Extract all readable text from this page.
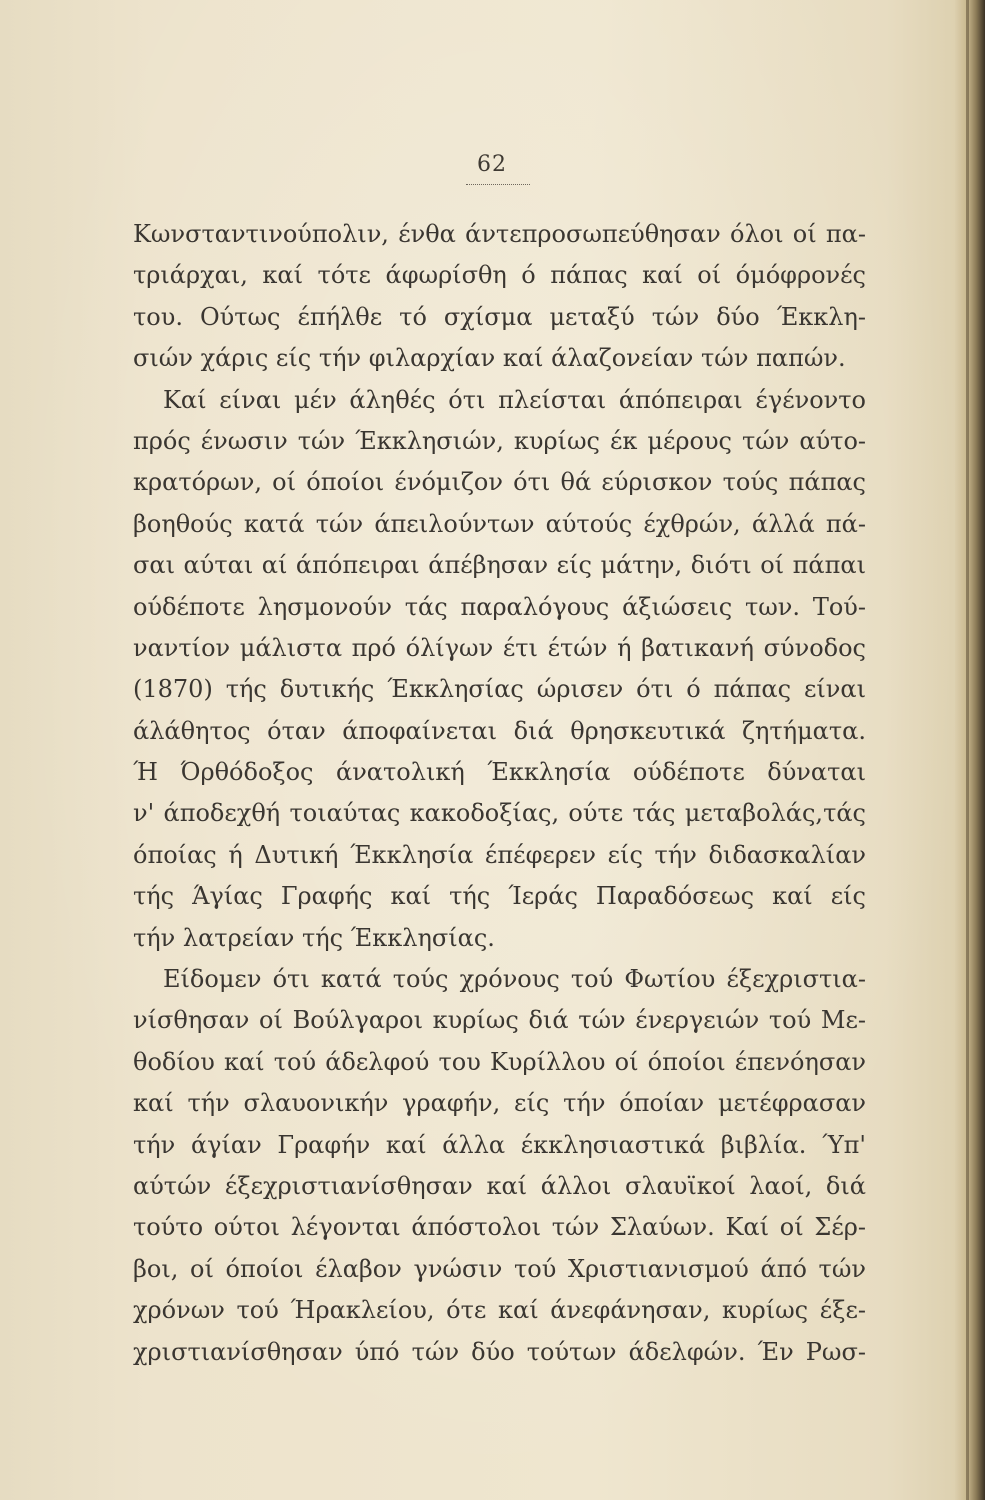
62
Κωνσταντινούπολιν, ένθα άντεπροσωπεύθησαν όλοι οί πα-
τριάρχαι, καί τότε άφωρίσθη ό πάπας καί οί όμόφρονές
του. Ούτως έπήλθε τό σχίσμα μεταξύ τών δύο Έκκλη-
σιών χάρις είς τήν φιλαρχίαν καί άλαζονείαν τών παπών.
Καί είναι μέν άληθές ότι πλείσται άπόπειραι έγένοντο
πρός ένωσιν τών Έκκλησιών, κυρίως έκ μέρους τών αύτο-
κρατόρων, οί όποίοι ένόμιζον ότι θά εύρισκον τούς πάπας
βοηθούς κατά τών άπειλούντων αύτούς έχθρών, άλλά πά-
σαι αύται αί άπόπειραι άπέβησαν είς μάτην, διότι οί πάπαι
ούδέποτε λησμονούν τάς παραλόγους άξιώσεις των. Τού-
ναντίον μάλιστα πρό όλίγων έτι έτών ή βατικανή σύνοδος
(1870) τής δυτικής Έκκλησίας ώρισεν ότι ό πάπας είναι
άλάθητος όταν άποφαίνεται διά θρησκευτικά ζητήματα.
Ή Όρθόδοξος άνατολική Έκκλησία ούδέποτε δύναται
ν' άποδεχθή τοιαύτας κακοδοξίας, ούτε τάς μεταβολάς,τάς
όποίας ή Δυτική Έκκλησία έπέφερεν είς τήν διδασκαλίαν
τής Άγίας Γραφής καί τής Ίεράς Παραδόσεως καί είς
τήν λατρείαν τής Έκκλησίας.
Είδομεν ότι κατά τούς χρόνους τού Φωτίου έξεχριστια-
νίσθησαν οί Βούλγαροι κυρίως διά τών ένεργειών τού Με-
θοδίου καί τού άδελφού του Κυρίλλου οί όποίοι έπενόησαν
καί τήν σλαυονικήν γραφήν, είς τήν όποίαν μετέφρασαν
τήν άγίαν Γραφήν καί άλλα έκκλησιαστικά βιβλία. Ύπ'
αύτών έξεχριστιανίσθησαν καί άλλοι σλαυϊκοί λαοί, διά
τούτο ούτοι λέγονται άπόστολοι τών Σλαύων. Καί οί Σέρ-
βοι, οί όποίοι έλαβον γνώσιν τού Χριστιανισμού άπό τών
χρόνων τού Ήρακλείου, ότε καί άνεφάνησαν, κυρίως έξε-
χριστιανίσθησαν ύπό τών δύο τούτων άδελφών. Έν Ρωσ-
